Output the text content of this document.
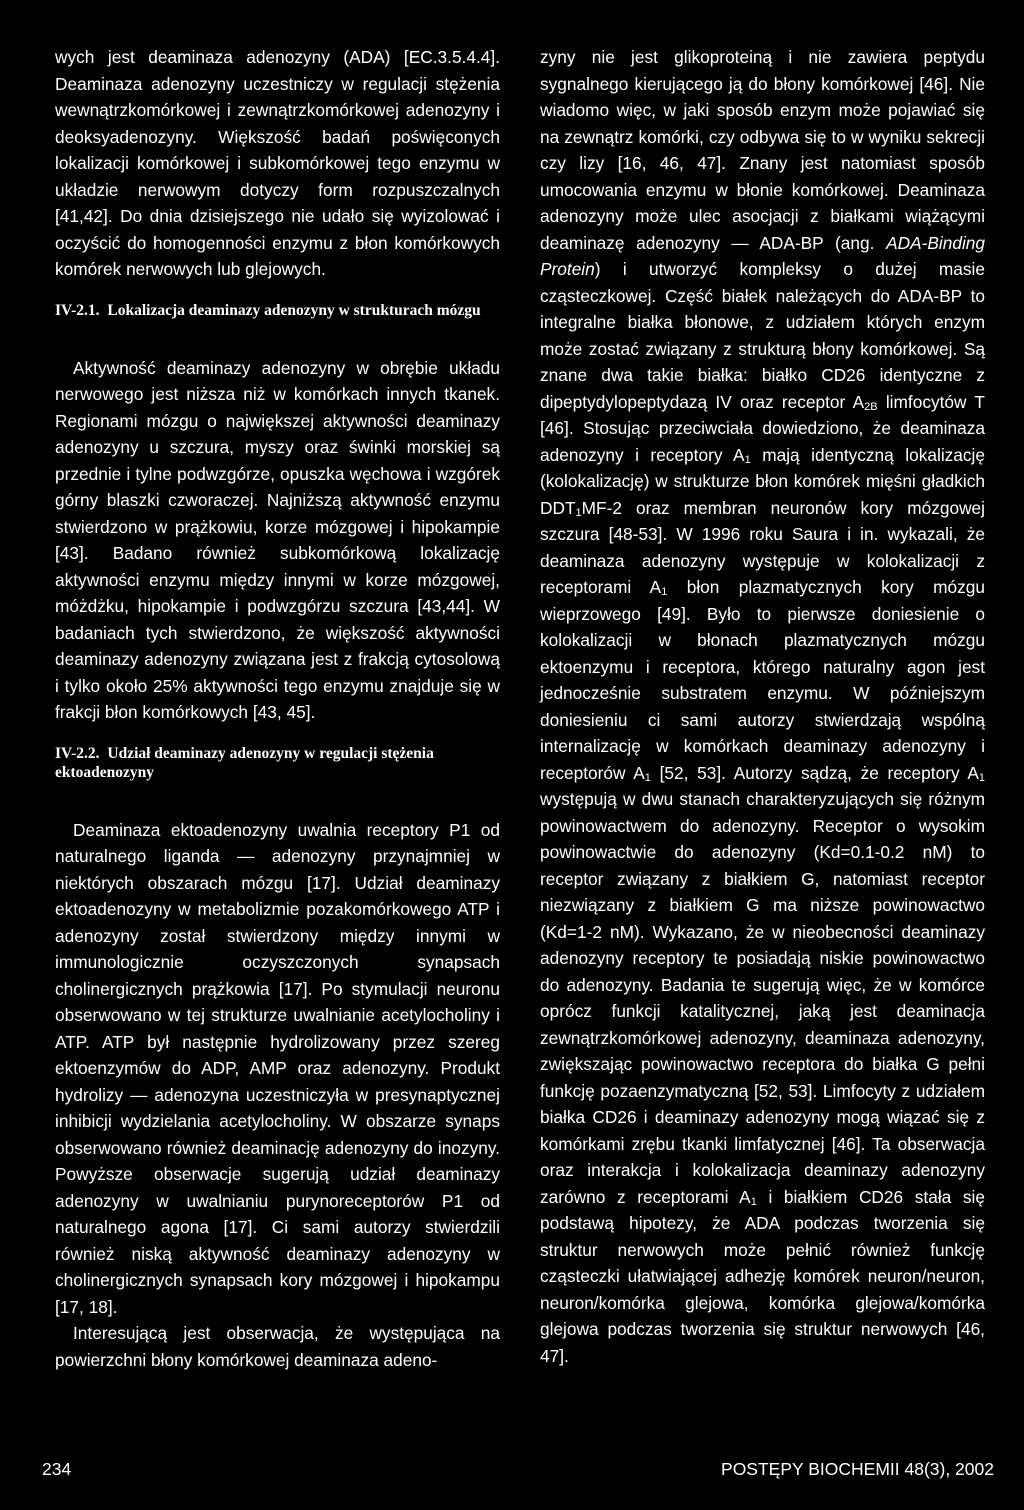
wych jest deaminaza adenozyny (ADA) [EC.3.5.4.4]. Deaminaza adenozyny uczestniczy w regulacji stężenia wewnątrzkomórkowej i zewnątrzkomórkowej adenozyny i deoksyadenozyny. Większość badań poświęconych lokalizacji komórkowej i subkomórkowej tego enzymu w układzie nerwowym dotyczy form rozpuszczalnych [41,42]. Do dnia dzisiejszego nie udało się wyizolować i oczyścić do homogenności enzymu z błon komórkowych komórek nerwowych lub glejowych.

IV-2.1. Lokalizacja deaminazy adenozyny w strukturach mózgu

Aktywność deaminazy adenozyny w obrębie układu nerwowego jest niższa niż w komórkach innych tkanek. Regionami mózgu o największej aktywności deaminazy adenozyny u szczura, myszy oraz świnki morskiej są przednie i tylne podwzgórze, opuszka węchowa i wzgórek górny blaszki czworaczej. Najniższą aktywność enzymu stwierdzono w prążkowiu, korze mózgowej i hipokampie [43]. Badano również subkomórkową lokalizację aktywności enzymu między innymi w korze mózgowej, móżdżku, hipokampie i podwzgórzu szczura [43,44]. W badaniach tych stwierdzono, że większość aktywności deaminazy adenozyny związana jest z frakcją cytosolową i tylko około 25% aktywności tego enzymu znajduje się w frakcji błon komórkowych [43, 45].

IV-2.2. Udział deaminazy adenozyny w regulacji stężenia ektoadenozyny

Deaminaza ektoadenozyny uwalnia receptory P1 od naturalnego liganda — adenozyny przynajmniej w niektórych obszarach mózgu [17]. Udział deaminazy ektoadenozyny w metabolizmie pozakomórkowego ATP i adenozyny został stwierdzony między innymi w immunologicznie oczyszczonych synapsach cholinergicznych prążkowia [17]. Po stymulacji neuronu obserwowano w tej strukturze uwalnianie acetylocholiny i ATP. ATP był następnie hydrolizowany przez szereg ektoenzymów do ADP, AMP oraz adenozyny. Produkt hydrolizy — adenozyna uczestniczyła w presynaptycznej inhibicji wydzielania acetylocholiny. W obszarze synaps obserwowano również deaminację adenozyny do inozyny. Powyższe obserwacje sugerują udział deaminazy adenozyny w uwalnianiu purynoreceptorów P1 od naturalnego agona [17]. Ci sami autorzy stwierdzili również niską aktywność deaminazy adenozyny w cholinergicznych synapsach kory mózgowej i hipokampu [17, 18].

Interesującą jest obserwacja, że występująca na powierzchni błony komórkowej deaminaza adeno-

zyny nie jest glikoproteiną i nie zawiera peptydu sygnalnego kierującego ją do błony komórkowej [46]. Nie wiadomo więc, w jaki sposób enzym może pojawiać się na zewnątrz komórki, czy odbywa się to w wyniku sekrecji czy lizy [16, 46, 47]. Znany jest natomiast sposób umocowania enzymu w błonie komórkowej. Deaminaza adenozyny może ulec asocjacji z białkami wiążącymi deaminazę adenozyny — ADA-BP (ang. ADA-Binding Protein) i utworzyć kompleksy o dużej masie cząsteczkowej. Część białek należących do ADA-BP to integralne białka błonowe, z udziałem których enzym może zostać związany z strukturą błony komórkowej. Są znane dwa takie białka: białko CD26 identyczne z dipeptydylopeptydazą IV oraz receptor $A_{2B}$ limfocytów T [46]. Stosując przeciwciała dowiedziono, że deaminaza adenozyny i receptory $A_1$ mają identyczną lokalizację (kolokalizację) w strukturze błon komórek mięśni gładkich $DDT_1MF-2$ oraz membran neuronów kory mózgowej szczura [48-53]. W 1996 roku Saura i in. wykazali, że deaminaza adenozyny występuje w kolokalizacji z receptorami $A_1$ błon plazmatycznych kory mózgu wieprzowego [49]. Było to pierwsze doniesienie o kolokalizacji w błonach plazmatycznych mózgu ektoenzymu i receptora, którego naturalny agon jest jednocześnie substratem enzymu. W późniejszym doniesieniu ci sami autorzy stwierdzają wspólną internalizację w komórkach deaminazy adenozyny i receptorów $A_1$ [52, 53]. Autorzy sądzą, że receptory $A_1$ występują w dwu stanach charakteryzujących się różnym powinowactwem do adenozyny. Receptor o wysokim powinowactwie do adenozyny (Kd=0.1-0.2 nM) to receptor związany z białkiem G, natomiast receptor niezwiązany z białkiem G ma niższe powinowactwo (Kd=1-2 nM). Wykazano, że w nieobecności deaminazy adenozyny receptory te posiadają niskie powinowactwo do adenozyny. Badania te sugerują więc, że w komórce oprócz funkcji katalitycznej, jaką jest deaminacja zewnątrzkomórkowej adenozyny, deaminaza adenozyny, zwiększając powinowactwo receptora do białka G pełni funkcję pozaenzymatyczną [52, 53]. Limfocyty z udziałem białka CD26 i deaminazy adenozyny mogą wiązać się z komórkami zrębu tkanki limfatycznej [46]. Ta obserwacja oraz interakcja i kolokalizacja deaminazy adenozyny zarówno z receptorami $A_1$ i białkiem CD26 stała się podstawą hipotezy, że ADA podczas tworzenia się struktur nerwowych może pełnić również funkcję cząsteczki ułatwiającej adhezję komórek neuron/neuron, neuron/komórka glejowa, komórka glejowa/komórka glejowa podczas tworzenia się struktur nerwowych [46, 47].

234	POSTĘPY BIOCHEMII 48(3), 2002
